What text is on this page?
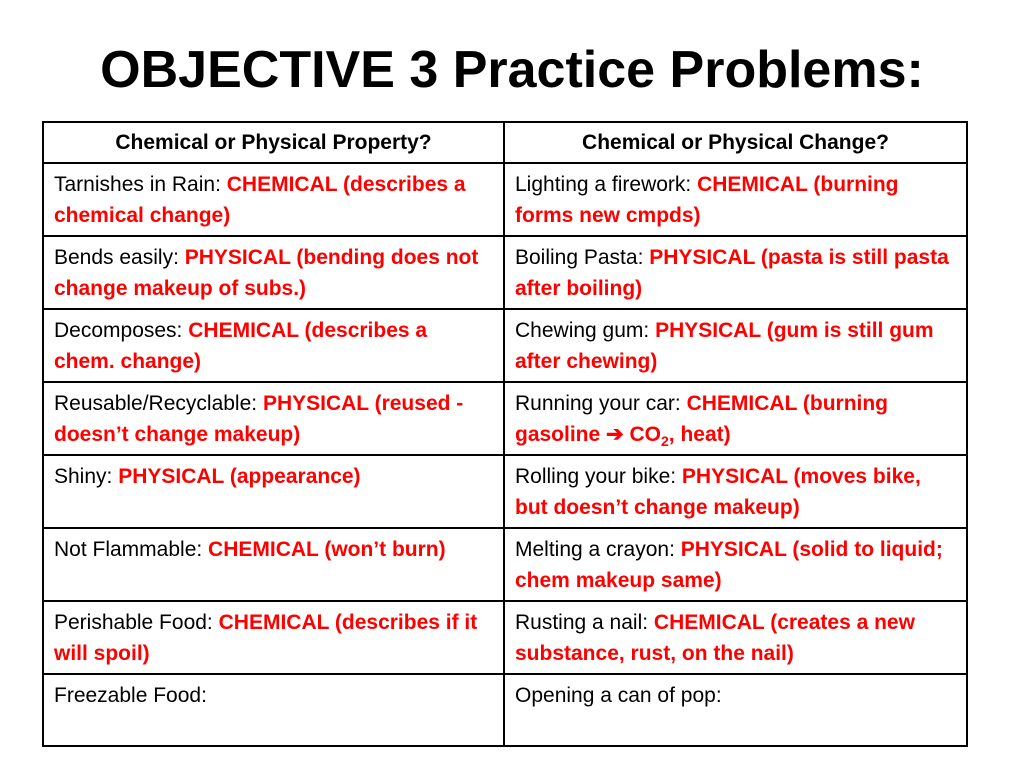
OBJECTIVE 3 Practice Problems:
Chemical or Physical Property?	Chemical or Physical Change?
Tarnishes in Rain: CHEMICAL (describes a chemical change)	Lighting a firework: CHEMICAL (burning forms new cmpds)
Bends easily: PHYSICAL (bending does not change makeup of subs.)	Boiling Pasta: PHYSICAL (pasta is still pasta after boiling)
Decomposes: CHEMICAL (describes a chem. change)	Chewing gum: PHYSICAL (gum is still gum after chewing)
Reusable/Recyclable: PHYSICAL (reused - doesn’t change makeup)	Running your car: CHEMICAL (burning gasoline ➔ $CO_2$, heat)
Shiny: PHYSICAL (appearance)	Rolling your bike: PHYSICAL (moves bike, but doesn’t change makeup)
Not Flammable: CHEMICAL (won’t burn)	Melting a crayon: PHYSICAL (solid to liquid; chem makeup same)
Perishable Food: CHEMICAL (describes if it will spoil)	Rusting a nail: CHEMICAL (creates a new substance, rust, on the nail)
Freezable Food:	Opening a can of pop:
